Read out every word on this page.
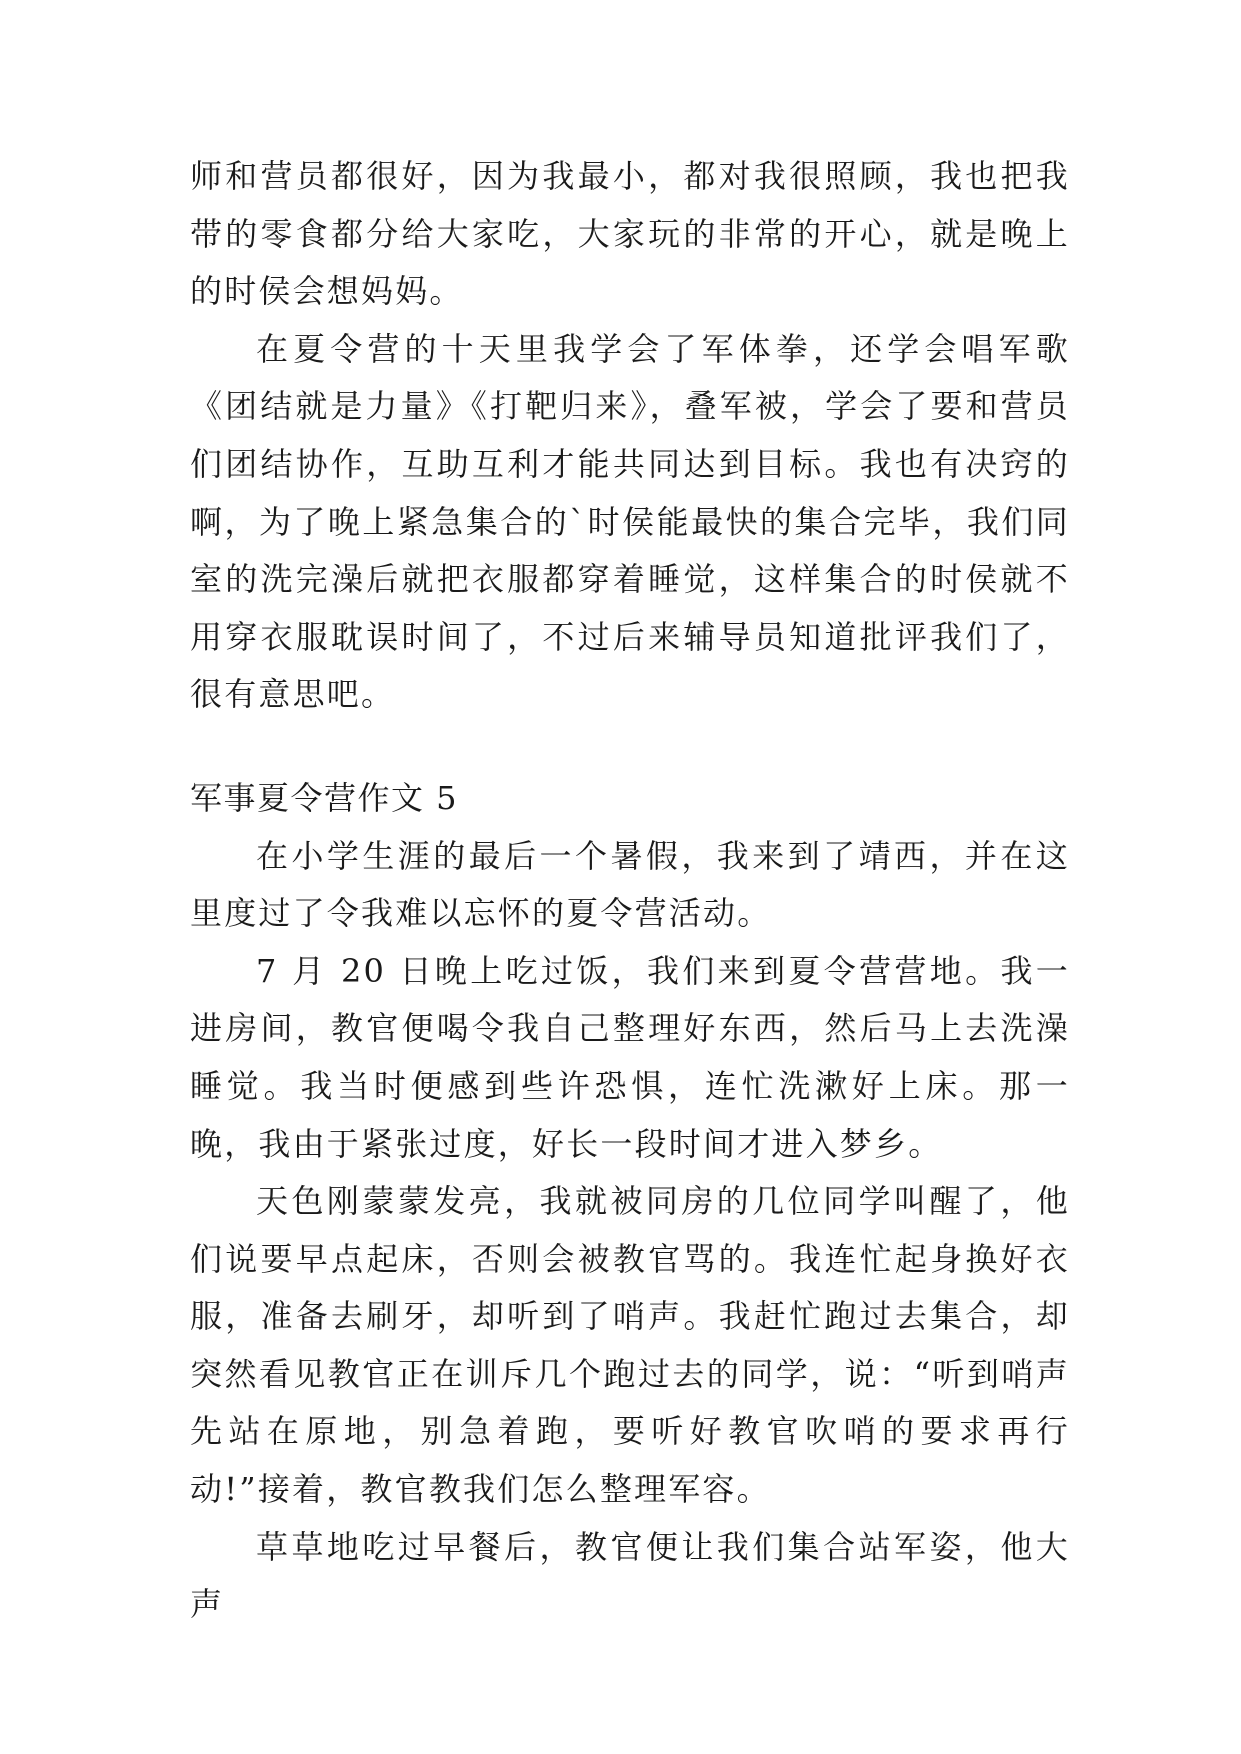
师和营员都很好，因为我最小，都对我很照顾，我也把我带的零食都分给大家吃，大家玩的非常的开心，就是晚上的时侯会想妈妈。

在夏令营的十天里我学会了军体拳，还学会唱军歌《团结就是力量》《打靶归来》，叠军被，学会了要和营员们团结协作，互助互利才能共同达到目标。我也有决窍的啊，为了晚上紧急集合的`时侯能最快的集合完毕，我们同室的洗完澡后就把衣服都穿着睡觉，这样集合的时侯就不用穿衣服耽误时间了，不过后来辅导员知道批评我们了，很有意思吧。

军事夏令营作文 5

在小学生涯的最后一个暑假，我来到了靖西，并在这里度过了令我难以忘怀的夏令营活动。

7 月 20 日晚上吃过饭，我们来到夏令营营地。我一进房间，教官便喝令我自己整理好东西，然后马上去洗澡睡觉。我当时便感到些许恐惧，连忙洗漱好上床。那一晚，我由于紧张过度，好长一段时间才进入梦乡。

天色刚蒙蒙发亮，我就被同房的几位同学叫醒了，他们说要早点起床，否则会被教官骂的。我连忙起身换好衣服，准备去刷牙，却听到了哨声。我赶忙跑过去集合，却突然看见教官正在训斥几个跑过去的同学，说：“听到哨声先站在原地，别急着跑，要听好教官吹哨的要求再行动!”接着，教官教我们怎么整理军容。

草草地吃过早餐后，教官便让我们集合站军姿，他大声
